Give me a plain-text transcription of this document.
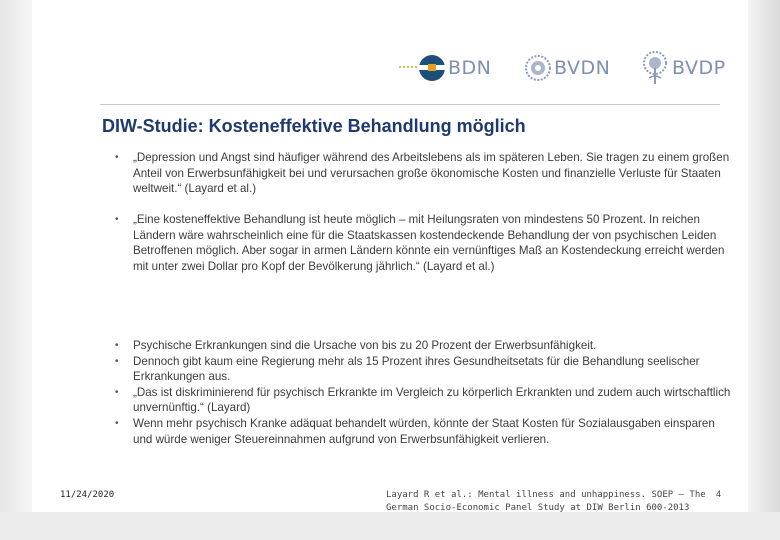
BDN	BVDN	BVDP
DIW-Studie: Kosteneffektive Behandlung möglich
• „Depression und Angst sind häufiger während des Arbeitslebens als im späteren Leben. Sie tragen zu einem großen Anteil von Erwerbsunfähigkeit bei und verursachen große ökonomische Kosten und finanzielle Verluste für Staaten weltweit.“ (Layard et al.)
• „Eine kosteneffektive Behandlung ist heute möglich – mit Heilungsraten von mindestens 50 Prozent. In reichen Ländern wäre wahrscheinlich eine für die Staatskassen kostendeckende Behandlung der von psychischen Leiden Betroffenen möglich. Aber sogar in armen Ländern könnte ein vernünftiges Maß an Kostendeckung erreicht werden mit unter zwei Dollar pro Kopf der Bevölkerung jährlich.“ (Layard et al.)
• Psychische Erkrankungen sind die Ursache von bis zu 20 Prozent der Erwerbsunfähigkeit.
• Dennoch gibt kaum eine Regierung mehr als 15 Prozent ihres Gesundheitsetats für die Behandlung seelischer Erkrankungen aus.
• „Das ist diskriminierend für psychisch Erkrankte im Vergleich zu körperlich Erkrankten und zudem auch wirtschaftlich unvernünftig.“ (Layard)
• Wenn mehr psychisch Kranke adäquat behandelt würden, könnte der Staat Kosten für Sozialausgaben einsparen und würde weniger Steuereinnahmen aufgrund von Erwerbsunfähigkeit verlieren.
11/24/2020	Layard R et al.: Mental illness and unhappiness. SOEP — The German Socio-Economic Panel Study at DIW Berlin 600-2013
4
